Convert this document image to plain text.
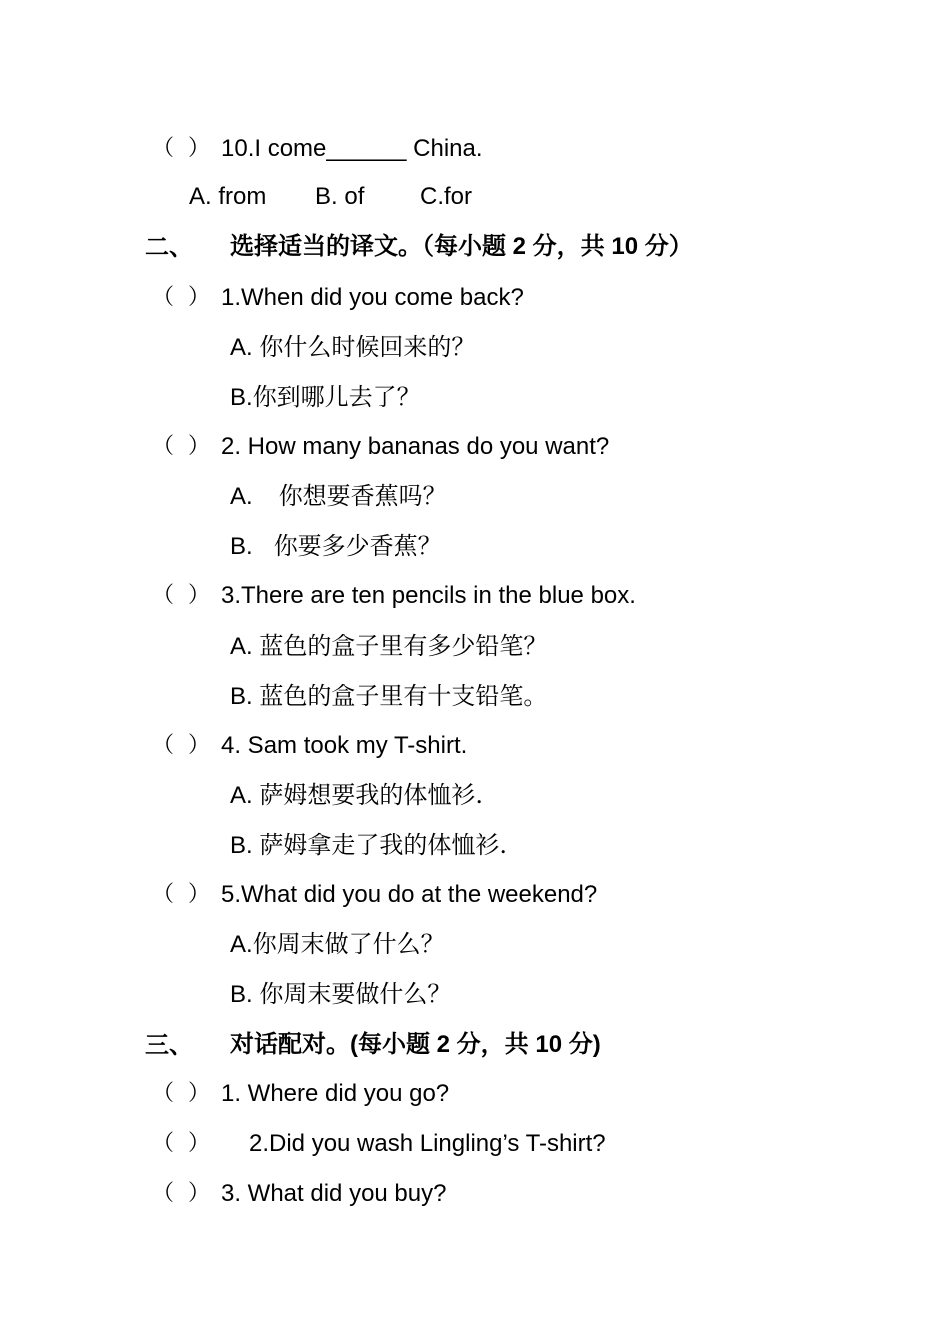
（  ） 10.I come______ China.
A. from B. of C.for
二、 选择适当的译文。（每小题 2 分，共 10 分）
（  ） 1.When did you come back?
A. 你什么时候回来的？
B.你到哪儿去了？
（  ） 2. How many bananas do you want?
A. 你想要香蕉吗？
B. 你要多少香蕉？
（  ） 3.There are ten pencils in the blue box.
A. 蓝色的盒子里有多少铅笔？
B. 蓝色的盒子里有十支铅笔。
（  ） 4. Sam took my T-shirt.
A. 萨姆想要我的体恤衫.
B. 萨姆拿走了我的体恤衫.
（  ） 5.What did you do at the weekend?
A.你周末做了什么？
B. 你周末要做什么？
三、 对话配对。(每小题 2 分，共 10 分)
（  ） 1. Where did you go?
（  ） 2.Did you wash Lingling’s T-shirt?
（  ） 3. What did you buy?
